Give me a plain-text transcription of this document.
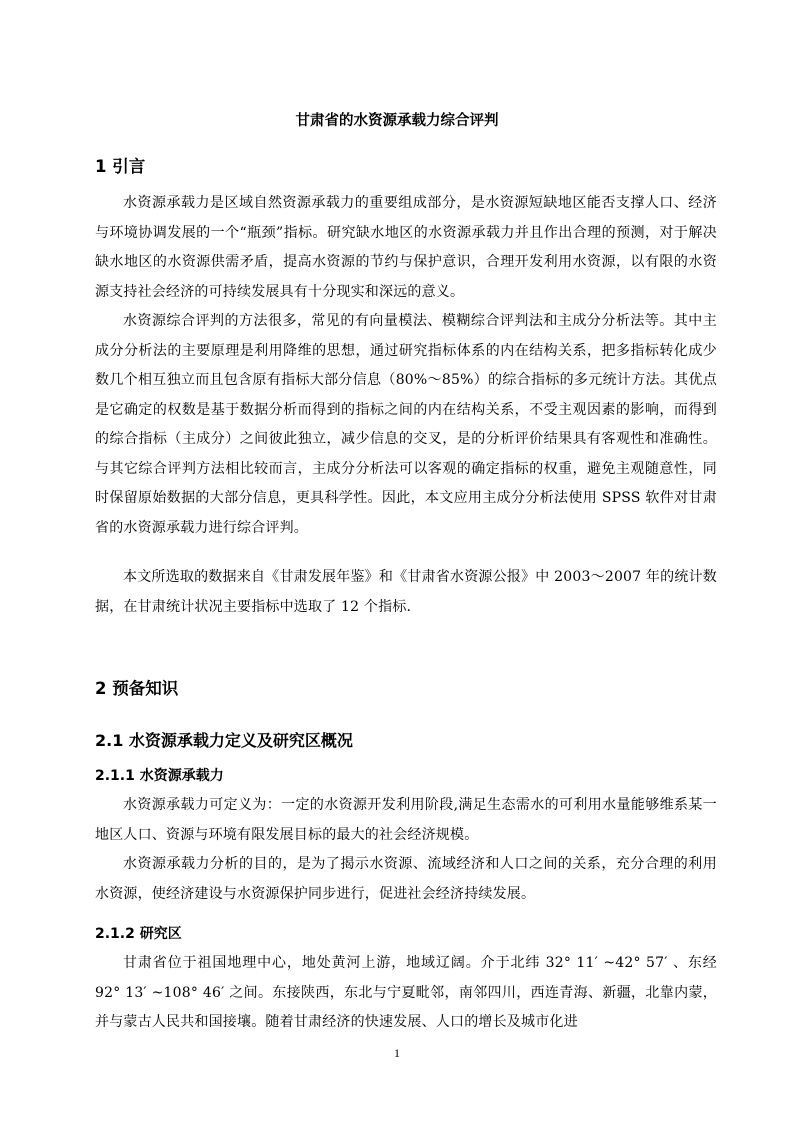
甘肃省的水资源承载力综合评判
1 引言

水资源承载力是区域自然资源承载力的重要组成部分，是水资源短缺地区能否支撑人口、经济与环境协调发展的一个“瓶颈”指标。研究缺水地区的水资源承载力并且作出合理的预测，对于解决缺水地区的水资源供需矛盾，提高水资源的节约与保护意识，合理开发利用水资源，以有限的水资源支持社会经济的可持续发展具有十分现实和深远的意义。

水资源综合评判的方法很多，常见的有向量模法、模糊综合评判法和主成分分析法等。其中主成分分析法的主要原理是利用降维的思想，通过研究指标体系的内在结构关系，把多指标转化成少数几个相互独立而且包含原有指标大部分信息（80%～85%）的综合指标的多元统计方法。其优点是它确定的权数是基于数据分析而得到的指标之间的内在结构关系，不受主观因素的影响，而得到的综合指标（主成分）之间彼此独立，减少信息的交叉，是的分析评价结果具有客观性和准确性。与其它综合评判方法相比较而言，主成分分析法可以客观的确定指标的权重，避免主观随意性，同时保留原始数据的大部分信息，更具科学性。因此，本文应用主成分分析法使用 SPSS 软件对甘肃省的水资源承载力进行综合评判。

本文所选取的数据来自《甘肃发展年鉴》和《甘肃省水资源公报》中 2003～2007 年的统计数据，在甘肃统计状况主要指标中选取了 12 个指标.

2 预备知识
2.1 水资源承载力定义及研究区概况
2.1.1 水资源承载力

水资源承载力可定义为：一定的水资源开发利用阶段,满足生态需水的可利用水量能够维系某一地区人口、资源与环境有限发展目标的最大的社会经济规模。

水资源承载力分析的目的，是为了揭示水资源、流域经济和人口之间的关系，充分合理的利用水资源，使经济建设与水资源保护同步进行，促进社会经济持续发展。

2.1.2 研究区

甘肃省位于祖国地理中心，地处黄河上游，地域辽阔。介于北纬 32° 11′ ~42° 57′ 、东经 92° 13′ ~108° 46′ 之间。东接陕西，东北与宁夏毗邻，南邻四川，西连青海、新疆，北靠内蒙，并与蒙古人民共和国接壤。随着甘肃经济的快速发展、人口的增长及城市化进

1
